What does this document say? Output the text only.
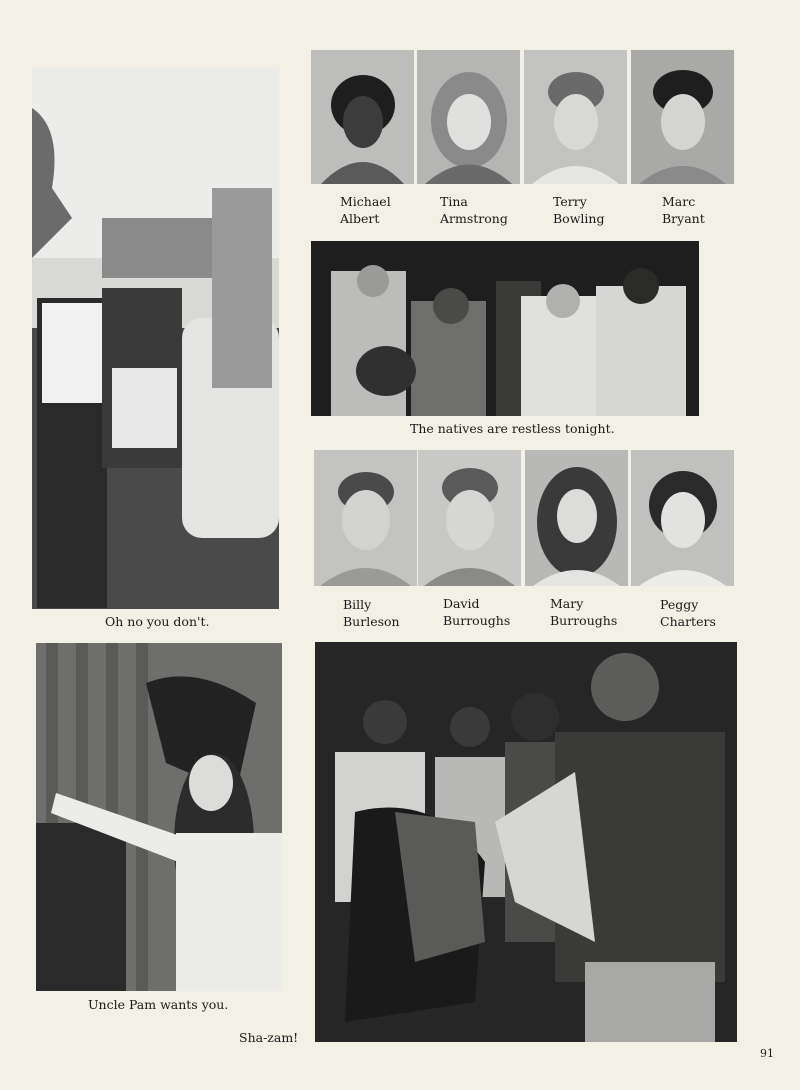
Oh no you don't.
Michael
Albert
Tina
Armstrong
Terry
Bowling
Marc
Bryant
The natives are restless tonight.
Billy
Burleson
David
Burroughs
Mary
Burroughs
Peggy
Charters
Uncle Pam wants you.
Sha-zam!
91
